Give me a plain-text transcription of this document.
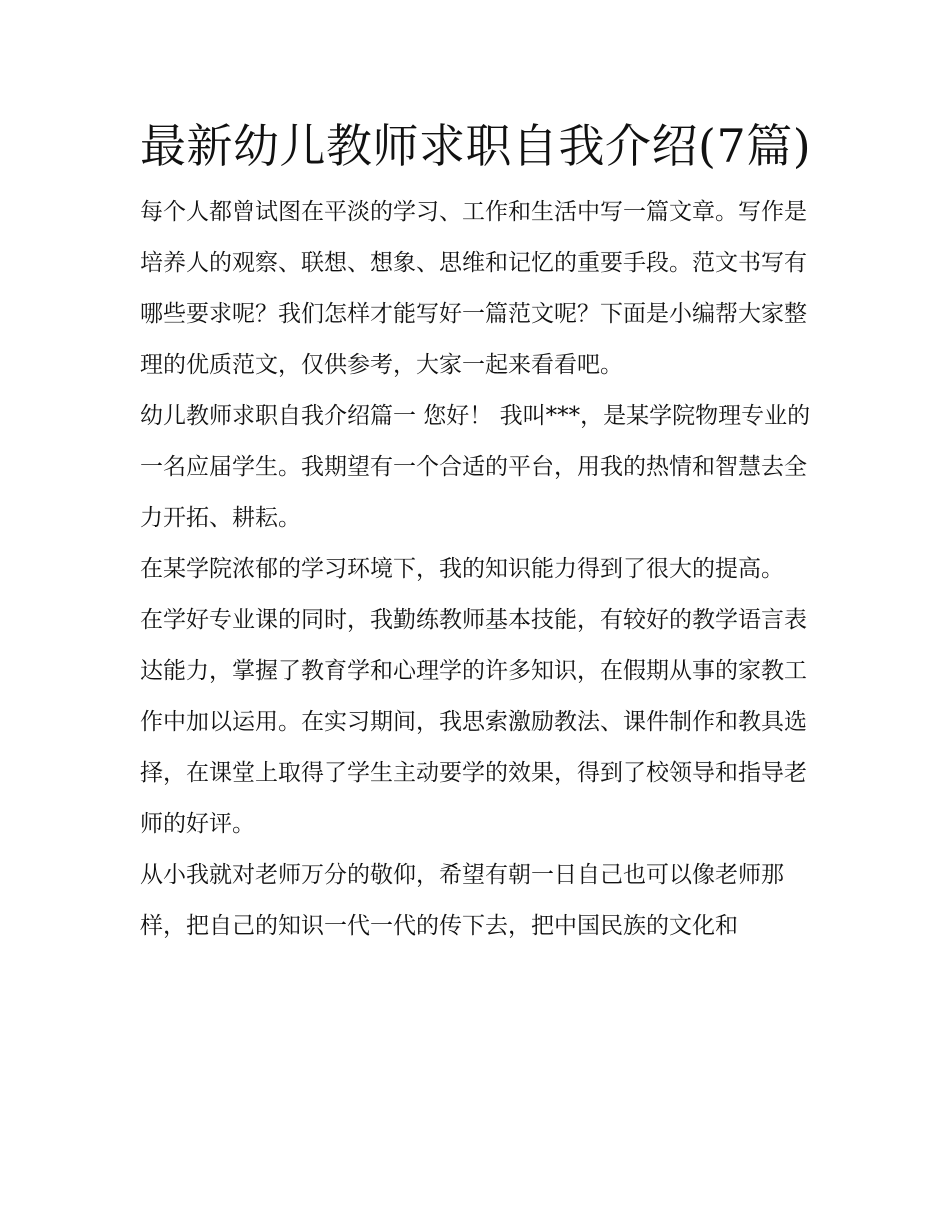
最新幼儿教师求职自我介绍(7篇)

每个人都曾试图在平淡的学习、工作和生活中写一篇文章。写作是培养人的观察、联想、想象、思维和记忆的重要手段。范文书写有哪些要求呢？我们怎样才能写好一篇范文呢？下面是小编帮大家整理的优质范文，仅供参考，大家一起来看看吧。

幼儿教师求职自我介绍篇一 您好！ 我叫***，是某学院物理专业的一名应届学生。我期望有一个合适的平台，用我的热情和智慧去全力开拓、耕耘。

在某学院浓郁的学习环境下，我的知识能力得到了很大的提高。

在学好专业课的同时，我勤练教师基本技能，有较好的教学语言表达能力，掌握了教育学和心理学的许多知识，在假期从事的家教工作中加以运用。在实习期间，我思索激励教法、课件制作和教具选择，在课堂上取得了学生主动要学的效果，得到了校领导和指导老师的好评。

从小我就对老师万分的敬仰，希望有朝一日自己也可以像老师那样，把自己的知识一代一代的传下去，把中国民族的文化和
